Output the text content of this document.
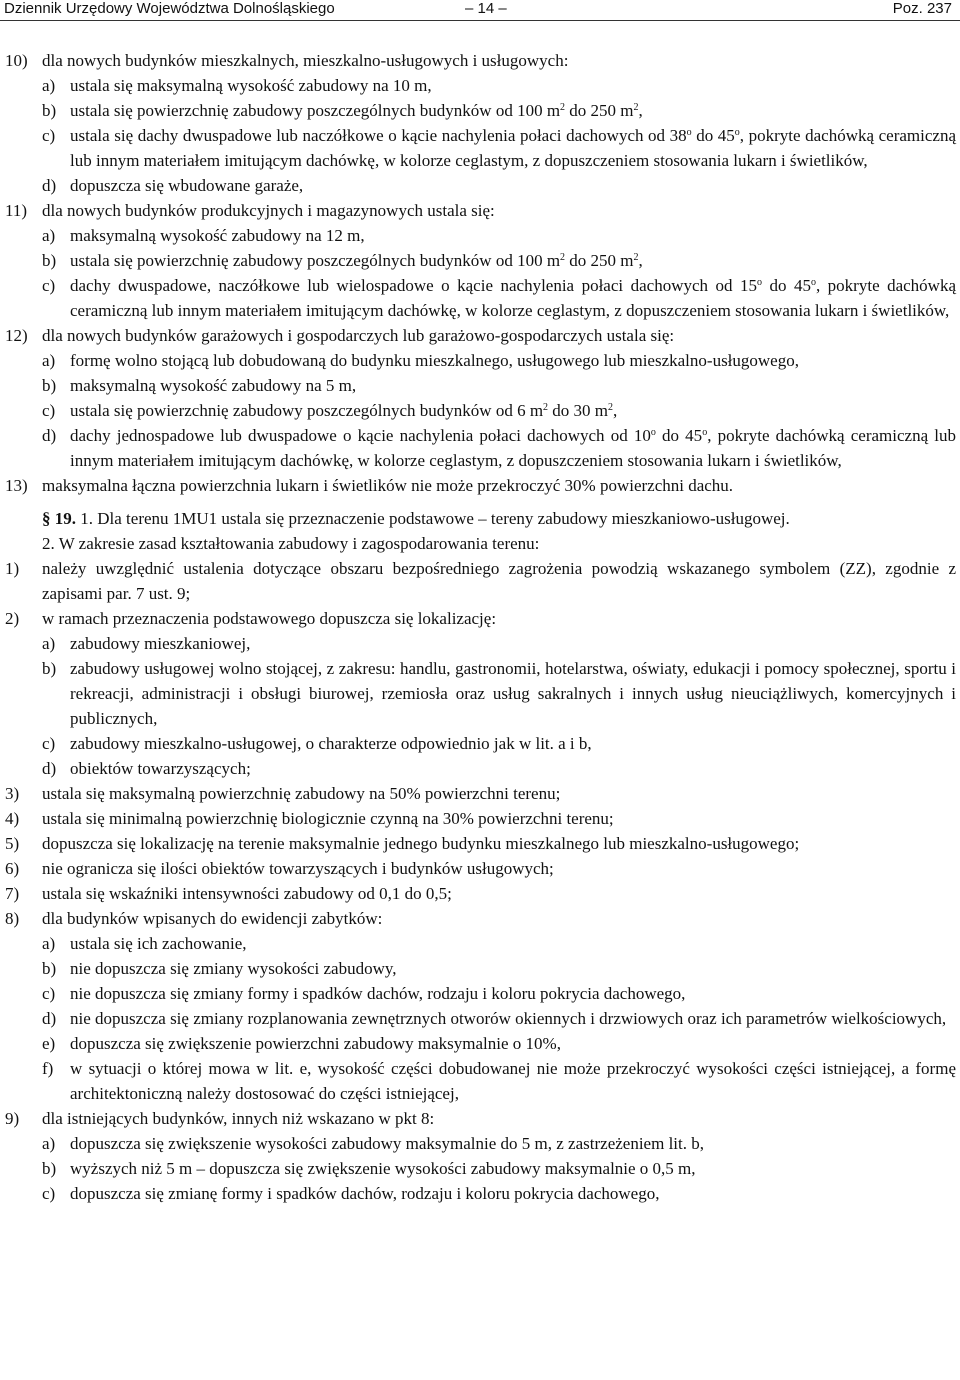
Dziennik Urzędowy Województwa Dolnośląskiego	– 14 –	Poz. 237
10) dla nowych budynków mieszkalnych, mieszkalno-usługowych i usługowych:
a) ustala się maksymalną wysokość zabudowy na 10 m,
b) ustala się powierzchnię zabudowy poszczególnych budynków od 100 $m^2$ do 250 $m^2$,
c) ustala się dachy dwuspadowe lub naczółkowe o kącie nachylenia połaci dachowych od 38$^o$ do 45$^o$, pokryte dachówką ceramiczną lub innym materiałem imitującym dachówkę, w kolorze ceglastym, z dopuszczeniem stosowania lukarn i świetlików,
d) dopuszcza się wbudowane garaże,
11) dla nowych budynków produkcyjnych i magazynowych ustala się:
a) maksymalną wysokość zabudowy na 12 m,
b) ustala się powierzchnię zabudowy poszczególnych budynków od 100 $m^2$ do 250 $m^2$,
c) dachy dwuspadowe, naczółkowe lub wielospadowe o kącie nachylenia połaci dachowych od 15$^o$ do 45$^o$, pokryte dachówką ceramiczną lub innym materiałem imitującym dachówkę, w kolorze ceglastym, z dopuszczeniem stosowania lukarn i świetlików,
12) dla nowych budynków garażowych i gospodarczych lub garażowo-gospodarczych ustala się:
a) formę wolno stojącą lub dobudowaną do budynku mieszkalnego, usługowego lub mieszkalno-usługowego,
b) maksymalną wysokość zabudowy na 5 m,
c) ustala się powierzchnię zabudowy poszczególnych budynków od 6 $m^2$ do 30 $m^2$,
d) dachy jednospadowe lub dwuspadowe o kącie nachylenia połaci dachowych od 10$^o$ do 45$^o$, pokryte dachówką ceramiczną lub innym materiałem imitującym dachówkę, w kolorze ceglastym, z dopuszczeniem stosowania lukarn i świetlików,
13) maksymalna łączna powierzchnia lukarn i świetlików nie może przekroczyć 30% powierzchni dachu.
§ 19. 1. Dla terenu 1MU1 ustala się przeznaczenie podstawowe – tereny zabudowy mieszkaniowo-usługowej.
2. W zakresie zasad kształtowania zabudowy i zagospodarowania terenu:
1) należy uwzględnić ustalenia dotyczące obszaru bezpośredniego zagrożenia powodzią wskazanego symbolem (ZZ), zgodnie z zapisami par. 7 ust. 9;
2) w ramach przeznaczenia podstawowego dopuszcza się lokalizację:
a) zabudowy mieszkaniowej,
b) zabudowy usługowej wolno stojącej, z zakresu: handlu, gastronomii, hotelarstwa, oświaty, edukacji i pomocy społecznej, sportu i rekreacji, administracji i obsługi biurowej, rzemiosła oraz usług sakralnych i innych usług nieuciążliwych, komercyjnych i publicznych,
c) zabudowy mieszkalno-usługowej, o charakterze odpowiednio jak w lit. a i b,
d) obiektów towarzyszących;
3) ustala się maksymalną powierzchnię zabudowy na 50% powierzchni terenu;
4) ustala się minimalną powierzchnię biologicznie czynną na 30% powierzchni terenu;
5) dopuszcza się lokalizację na terenie maksymalnie jednego budynku mieszkalnego lub mieszkalno-usługowego;
6) nie ogranicza się ilości obiektów towarzyszących i budynków usługowych;
7) ustala się wskaźniki intensywności zabudowy od 0,1 do 0,5;
8) dla budynków wpisanych do ewidencji zabytków:
a) ustala się ich zachowanie,
b) nie dopuszcza się zmiany wysokości zabudowy,
c) nie dopuszcza się zmiany formy i spadków dachów, rodzaju i koloru pokrycia dachowego,
d) nie dopuszcza się zmiany rozplanowania zewnętrznych otworów okiennych i drzwiowych oraz ich parametrów wielkościowych,
e) dopuszcza się zwiększenie powierzchni zabudowy maksymalnie o 10%,
f) w sytuacji o której mowa w lit. e, wysokość części dobudowanej nie może przekroczyć wysokości części istniejącej, a formę architektoniczną należy dostosować do części istniejącej,
9) dla istniejących budynków, innych niż wskazano w pkt 8:
a) dopuszcza się zwiększenie wysokości zabudowy maksymalnie do 5 m, z zastrzeżeniem lit. b,
b) wyższych niż 5 m – dopuszcza się zwiększenie wysokości zabudowy maksymalnie o 0,5 m,
c) dopuszcza się zmianę formy i spadków dachów, rodzaju i koloru pokrycia dachowego,
